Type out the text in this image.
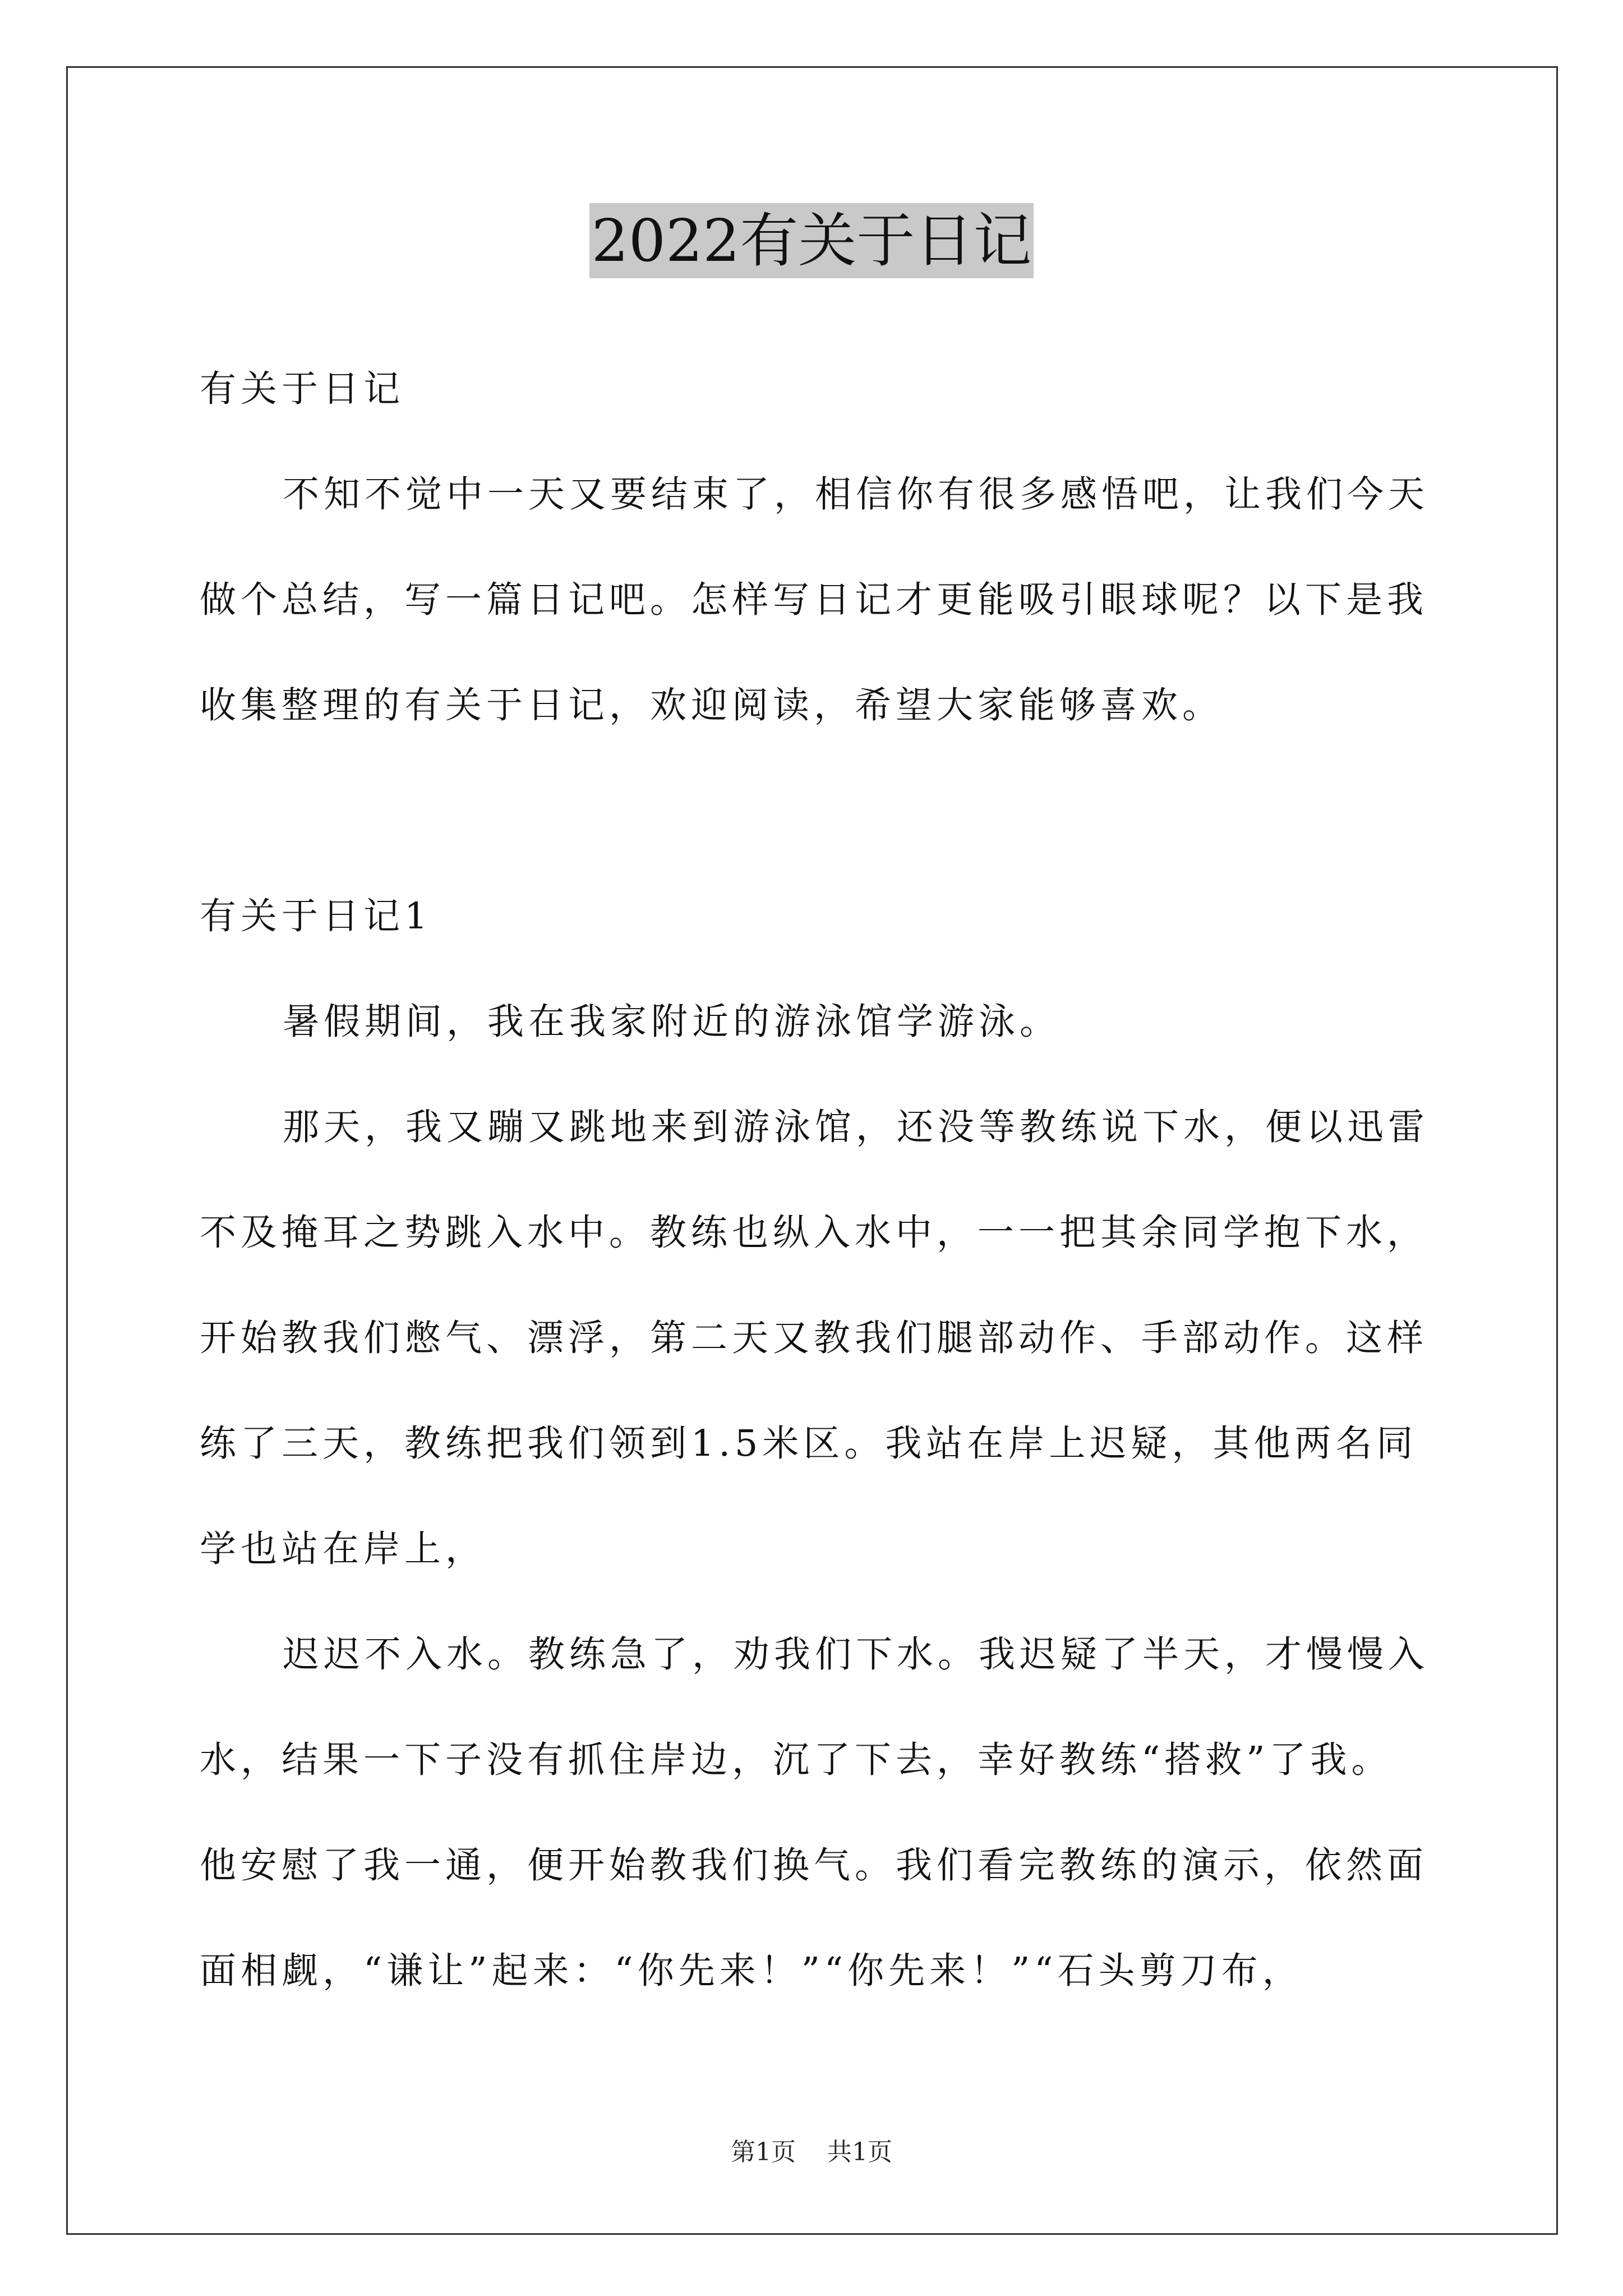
2022有关于日记
有关于日记
不知不觉中一天又要结束了，相信你有很多感悟吧，让我们今天
做个总结，写一篇日记吧。怎样写日记才更能吸引眼球呢？以下是我
收集整理的有关于日记，欢迎阅读，希望大家能够喜欢。
有关于日记1
暑假期间，我在我家附近的游泳馆学游泳。
那天，我又蹦又跳地来到游泳馆，还没等教练说下水，便以迅雷
不及掩耳之势跳入水中。教练也纵入水中，一一把其余同学抱下水，
开始教我们憋气、漂浮，第二天又教我们腿部动作、手部动作。这样
练了三天，教练把我们领到1.5米区。我站在岸上迟疑，其他两名同
学也站在岸上，
迟迟不入水。教练急了，劝我们下水。我迟疑了半天，才慢慢入
水，结果一下子没有抓住岸边，沉了下去，幸好教练“搭救”了我。
他安慰了我一通，便开始教我们换气。我们看完教练的演示，依然面
面相觑，“谦让”起来：“你先来！”“你先来！”“石头剪刀布，
第1页 共1页
